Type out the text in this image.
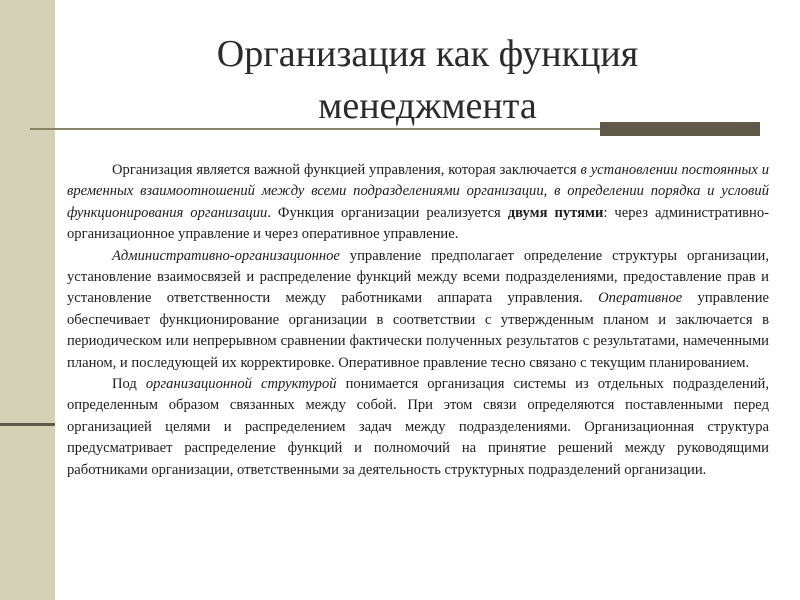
Организация как функция
менеджмента

Организация является важной функцией управления, которая заключается в установлении постоянных и временных взаимоотношений между всеми подразделениями организации, в определении порядка и условий функционирования организации. Функция организации реализуется двумя путями: через административно-организационное управление и через оперативное управление.

Административно-организационное управление предполагает определение структуры организации, установление взаимосвязей и распределение функций между всеми подразделениями, предоставление прав и установление ответственности между работниками аппарата управления. Оперативное управление обеспечивает функционирование организации в соответствии с утвержденным планом и заключается в периодическом или непрерывном сравнении фактически полученных результатов с результатами, намеченными планом, и последующей их корректировке. Оперативное правление тесно связано с текущим планированием.

Под организационной структурой понимается организация системы из отдельных подразделений, определенным образом связанных между собой. При этом связи определяются поставленными перед организацией целями и распределением задач между подразделениями. Организационная структура предусматривает распределение функций и полномочий на принятие решений между руководящими работниками организации, ответственными за деятельность структурных подразделений организации.
